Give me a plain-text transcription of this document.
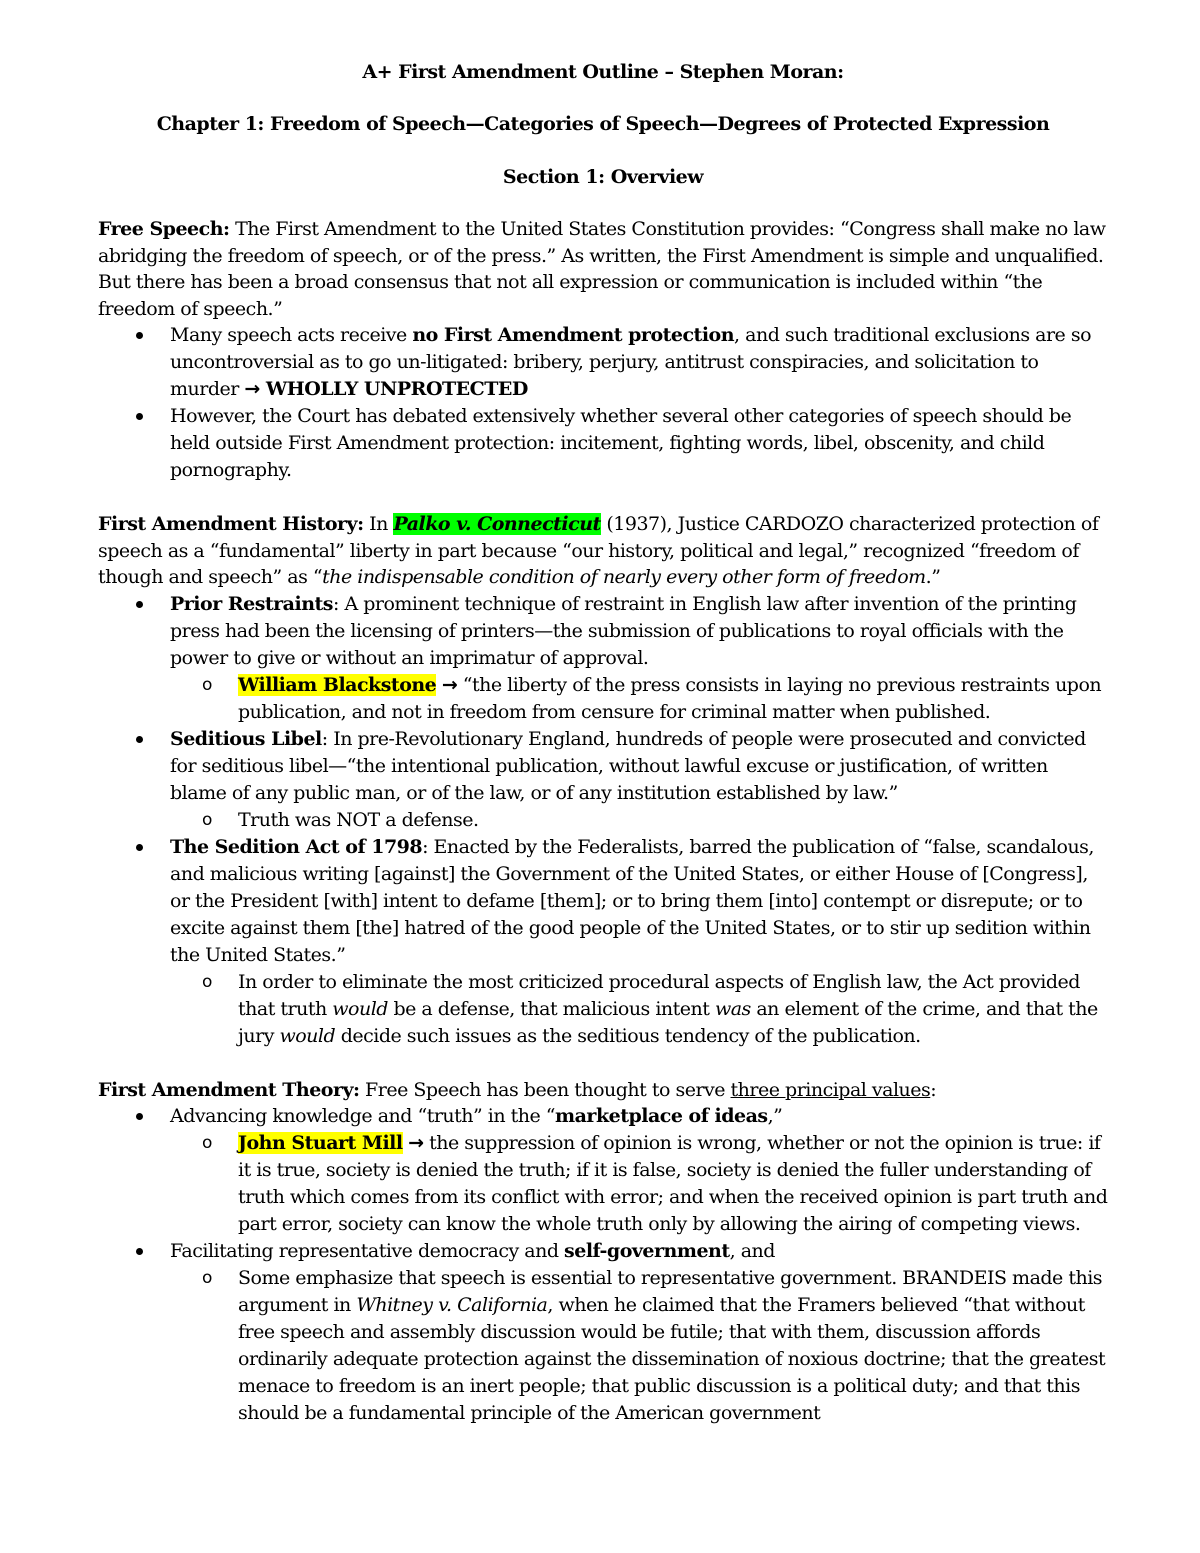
A+ First Amendment Outline – Stephen Moran:
Chapter 1: Freedom of Speech—Categories of Speech—Degrees of Protected Expression
Section 1: Overview

Free Speech: The First Amendment to the United States Constitution provides: “Congress shall make no law abridging the freedom of speech, or of the press.” As written, the First Amendment is simple and unqualified. But there has been a broad consensus that not all expression or communication is included within “the freedom of speech.”

Many speech acts receive no First Amendment protection, and such traditional exclusions are so uncontroversial as to go un-litigated: bribery, perjury, antitrust conspiracies, and solicitation to murder → WHOLLY UNPROTECTED
However, the Court has debated extensively whether several other categories of speech should be held outside First Amendment protection: incitement, fighting words, libel, obscenity, and child pornography.

First Amendment History: In Palko v. Connecticut (1937), Justice CARDOZO characterized protection of speech as a “fundamental” liberty in part because “our history, political and legal,” recognized “freedom of though and speech” as “the indispensable condition of nearly every other form of freedom.”

Prior Restraints: A prominent technique of restraint in English law after invention of the printing press had been the licensing of printers—the submission of publications to royal officials with the power to give or without an imprimatur of approval.
o William Blackstone → “the liberty of the press consists in laying no previous restraints upon publication, and not in freedom from censure for criminal matter when published.
Seditious Libel: In pre-Revolutionary England, hundreds of people were prosecuted and convicted for seditious libel—“the intentional publication, without lawful excuse or justification, of written blame of any public man, or of the law, or of any institution established by law.”
o Truth was NOT a defense.
The Sedition Act of 1798: Enacted by the Federalists, barred the publication of “false, scandalous, and malicious writing [against] the Government of the United States, or either House of [Congress], or the President [with] intent to defame [them]; or to bring them [into] contempt or disrepute; or to excite against them [the] hatred of the good people of the United States, or to stir up sedition within the United States.”
o In order to eliminate the most criticized procedural aspects of English law, the Act provided that truth would be a defense, that malicious intent was an element of the crime, and that the jury would decide such issues as the seditious tendency of the publication.

First Amendment Theory: Free Speech has been thought to serve three principal values:

Advancing knowledge and “truth” in the “marketplace of ideas,”
o John Stuart Mill → the suppression of opinion is wrong, whether or not the opinion is true: if it is true, society is denied the truth; if it is false, society is denied the fuller understanding of truth which comes from its conflict with error; and when the received opinion is part truth and part error, society can know the whole truth only by allowing the airing of competing views.
Facilitating representative democracy and self-government, and
o Some emphasize that speech is essential to representative government. BRANDEIS made this argument in Whitney v. California, when he claimed that the Framers believed “that without free speech and assembly discussion would be futile; that with them, discussion affords ordinarily adequate protection against the dissemination of noxious doctrine; that the greatest menace to freedom is an inert people; that public discussion is a political duty; and that this should be a fundamental principle of the American government
